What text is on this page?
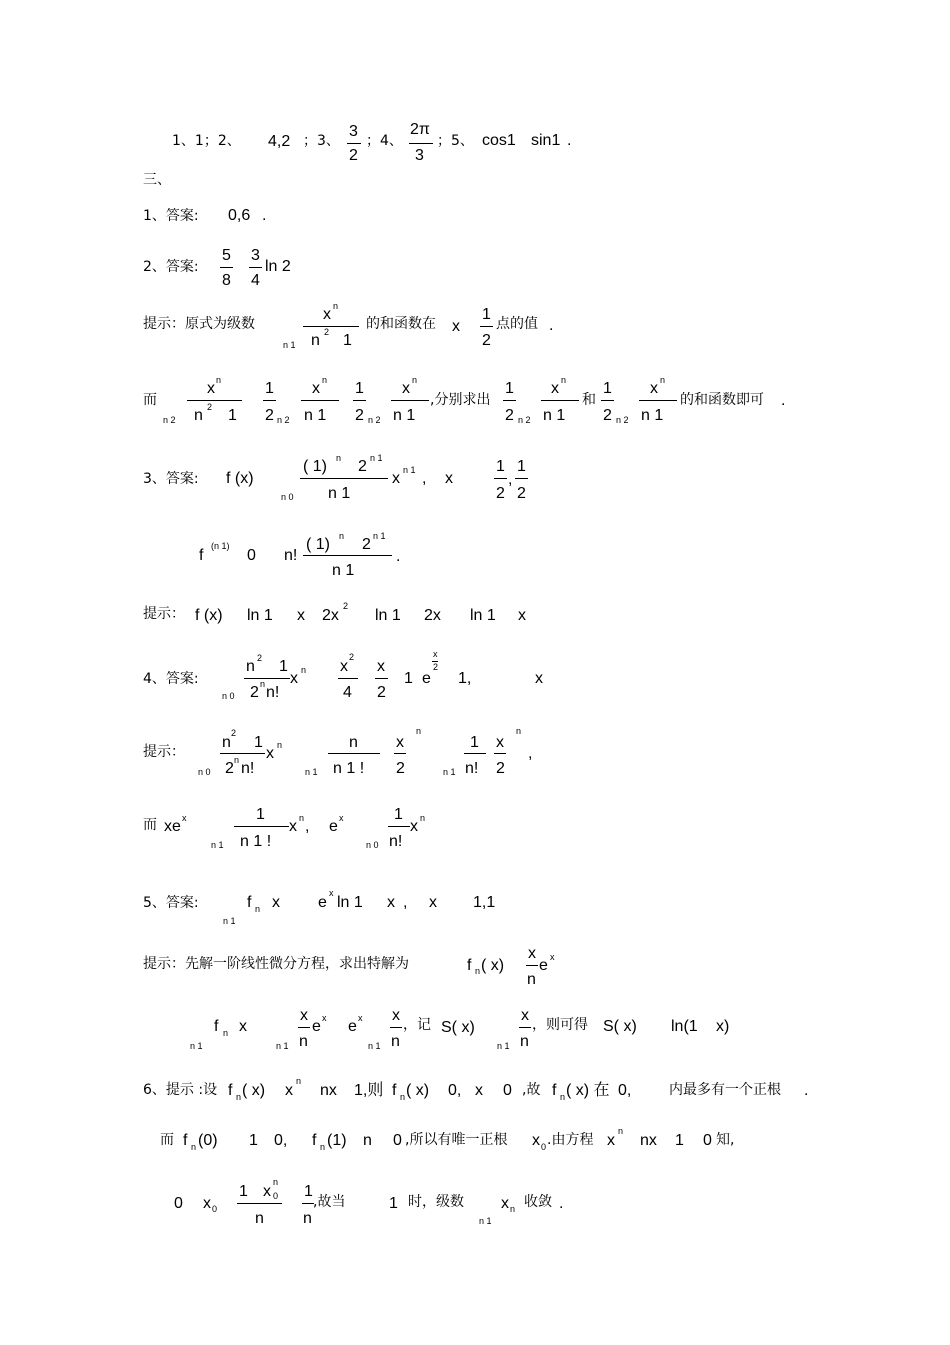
1、1；2、 4,2 ；3、
3
2
；4、
2π
3
；5、 cos1 sin1 .
三、
1、答案: 0,6 .
2、答案:
5
8
3
4
ln 2
提示：原式为级数
x n
n 1 n 2 1
的和函数在 x
1
2
点的值 .
而
n 2
x n
n 2 1
1
2 n 2
x n
n 1
1
2 n 2
x n
n 1
,分别求出
1
2 n 2
x n
n 1
和
1
2 n 2
x n
n 1
的和函数即可 .
3、答案: f (x)
n 0
( 1) n 2 n 1
n 1
x n 1 , x
1
2
,
1
2
f
(n 1)
0 n!
( 1) n 2 n 1
n 1
.
提示： f (x) ln 1 x 2x
2
ln 1 2x ln 1 x
4、答案:
n 0
n 2 1
2 n n!
x n x
2
4
x
2
1 e
x
2
1,	x
提示：
n 0
n
2
1
2 n n!
x n
n 1
n
n 1 !
x
2
n
n 1
1
n!
x
2
n
,
而 xe x
n 1
1
n 1 !
x n , e x
n 0
1
n!
x n
5、答案:
n 1
f n x e
x
ln 1 x , x 1,1
提示：先解一阶线性微分方程，求出特解为	f n ( x)
x
n
e x
n 1
f n x
n 1
x
n
e x e x
n 1
x
n
，记 S( x)
n 1
x
n
，则可得 S( x) ln(1 x)
6、提示 :设 f n ( x) x
n
nx 1,则 f n ( x) 0, x 0 ,故 f n ( x) 在 0,	内最多有一个正根 .
而 f n (0) 1 0, f n (1) n 0 ,所以有唯一正根 x 0 .由方程 x
n
nx 1 0 知,
0 x 0
1 x 0
n
n
1
n
,故当	1 时，级数
n 1
x n 收敛 .
